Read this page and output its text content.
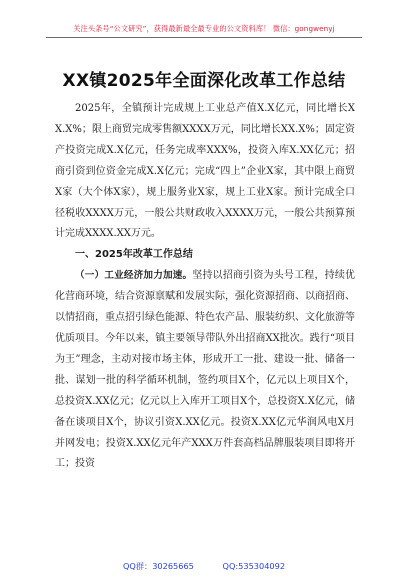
关注头条号“公文研究”，获得最新最全最专业的公文资料库！ 微信：gongwenyj
XX镇2025年全面深化改革工作总结

2025年，全镇预计完成规上工业总产值X.X亿元，同比增长XX.X%；限上商贸完成零售额XXXX万元，同比增长XX.X%；固定资产投资完成X.X亿元，任务完成率XXX%，投资入库X.XX亿元；招商引资到位资金完成X.X亿元；完成“四上”企业X家，其中限上商贸X家（大个体X家），规上服务业X家，规上工业X家。预计完成全口径税收XXXX万元，一般公共财政收入XXXX万元，一般公共预算预计完成XXXX.XX万元。

一、2025年改革工作总结

（一）工业经济加力加速。坚持以招商引资为头号工程，持续优化营商环境，结合资源禀赋和发展实际，强化资源招商、以商招商、以情招商，重点招引绿色能源、特色农产品、服装纺织、文化旅游等优质项目。今年以来，镇主要领导带队外出招商XX批次。践行“项目为王”理念，主动对接市场主体，形成开工一批、建设一批、储备一批、谋划一批的科学循环机制，签约项目X个，亿元以上项目X个，总投资X.XX亿元；亿元以上入库开工项目X个，总投资X.X亿元，储备在谈项目X个，协议引资X.XX亿元。投资X.XX亿元华润风电X月并网发电；投资X.XX亿元年产XXX万件套高档品牌服装项目即将开工；投资

QQ群：30265665	QQ:535304092
